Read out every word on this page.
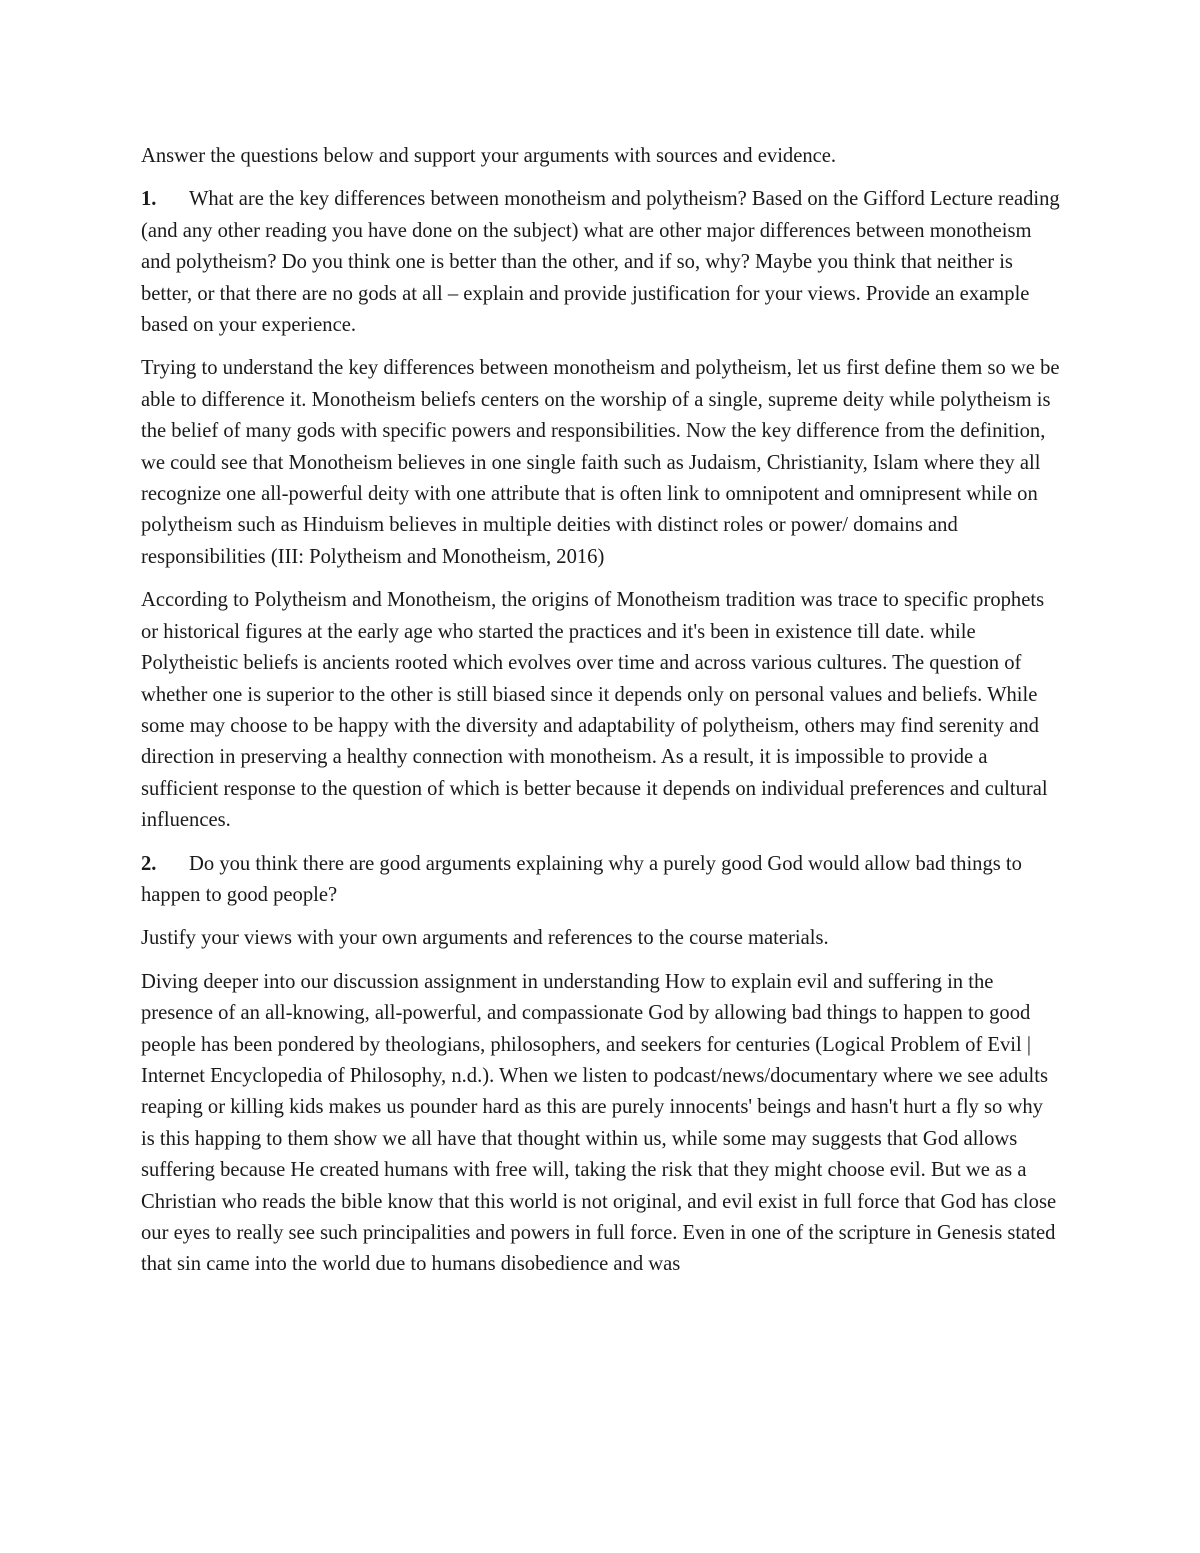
Answer the questions below and support your arguments with sources and evidence.

1. What are the key differences between monotheism and polytheism? Based on the Gifford Lecture reading (and any other reading you have done on the subject) what are other major differences between monotheism and polytheism? Do you think one is better than the other, and if so, why? Maybe you think that neither is better, or that there are no gods at all – explain and provide justification for your views. Provide an example based on your experience.

Trying to understand the key differences between monotheism and polytheism, let us first define them so we be able to difference it. Monotheism beliefs centers on the worship of a single, supreme deity while polytheism is the belief of many gods with specific powers and responsibilities. Now the key difference from the definition, we could see that Monotheism believes in one single faith such as Judaism, Christianity, Islam where they all recognize one all-powerful deity with one attribute that is often link to omnipotent and omnipresent while on polytheism such as Hinduism believes in multiple deities with distinct roles or power/ domains and responsibilities (III: Polytheism and Monotheism, 2016)

According to Polytheism and Monotheism, the origins of Monotheism tradition was trace to specific prophets or historical figures at the early age who started the practices and it's been in existence till date. while Polytheistic beliefs is ancients rooted which evolves over time and across various cultures. The question of whether one is superior to the other is still biased since it depends only on personal values and beliefs. While some may choose to be happy with the diversity and adaptability of polytheism, others may find serenity and direction in preserving a healthy connection with monotheism. As a result, it is impossible to provide a sufficient response to the question of which is better because it depends on individual preferences and cultural influences.

2. Do you think there are good arguments explaining why a purely good God would allow bad things to happen to good people?

Justify your views with your own arguments and references to the course materials.

Diving deeper into our discussion assignment in understanding How to explain evil and suffering in the presence of an all-knowing, all-powerful, and compassionate God by allowing bad things to happen to good people has been pondered by theologians, philosophers, and seekers for centuries (Logical Problem of Evil | Internet Encyclopedia of Philosophy, n.d.). When we listen to podcast/news/documentary where we see adults reaping or killing kids makes us pounder hard as this are purely innocents' beings and hasn't hurt a fly so why is this happing to them show we all have that thought within us, while some may suggests that God allows suffering because He created humans with free will, taking the risk that they might choose evil. But we as a Christian who reads the bible know that this world is not original, and evil exist in full force that God has close our eyes to really see such principalities and powers in full force. Even in one of the scripture in Genesis stated that sin came into the world due to humans disobedience and was
